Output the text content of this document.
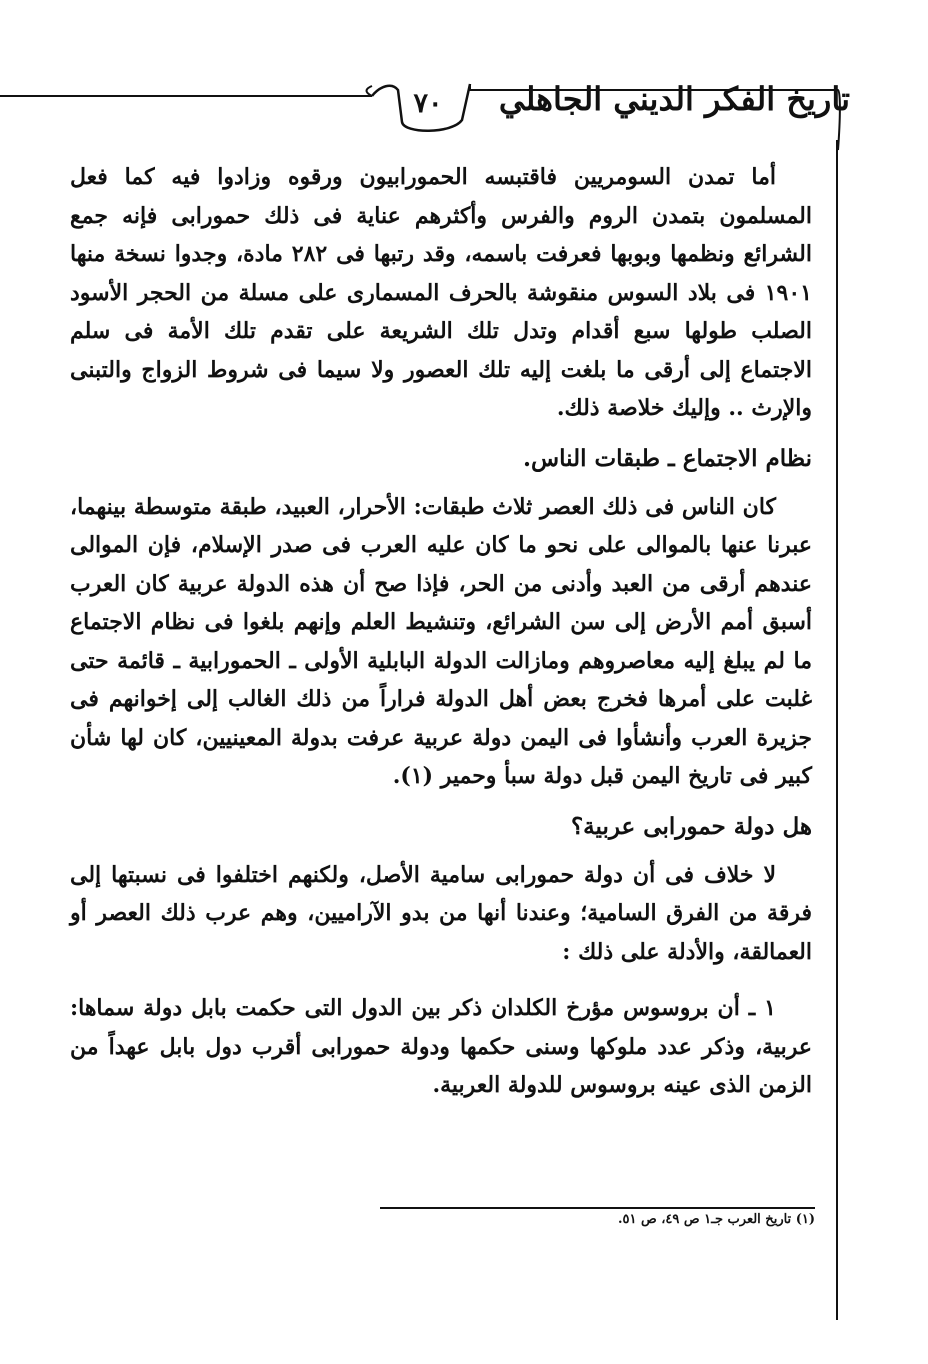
٧٠	تاريخ الفكر الديني الجاهلي

أما تمدن السومريين فاقتبسه الحمورابيون ورقوه وزادوا فيه كما فعل المسلمون بتمدن الروم والفرس وأكثرهم عناية فى ذلك حمورابى فإنه جمع الشرائع ونظمها وبوبها فعرفت باسمه، وقد رتبها فى ٢٨٢ مادة، وجدوا نسخة منها ١٩٠١ فى بلاد السوس منقوشة بالحرف المسمارى على مسلة من الحجر الأسود الصلب طولها سبع أقدام وتدل تلك الشريعة على تقدم تلك الأمة فى سلم الاجتماع إلى أرقى ما بلغت إليه تلك العصور ولا سيما فى شروط الزواج والتبنى والإرث .. وإليك خلاصة ذلك.

نظام الاجتماع ـ طبقات الناس.

كان الناس فى ذلك العصر ثلاث طبقات: الأحرار، العبيد، طبقة متوسطة بينهما، عبرنا عنها بالموالى على نحو ما كان عليه العرب فى صدر الإسلام، فإن الموالى عندهم أرقى من العبد وأدنى من الحر، فإذا صح أن هذه الدولة عربية كان العرب أسبق أمم الأرض إلى سن الشرائع، وتنشيط العلم وإنهم بلغوا فى نظام الاجتماع ما لم يبلغ إليه معاصروهم ومازالت الدولة البابلية الأولى ـ الحمورابية ـ قائمة حتى غلبت على أمرها فخرج بعض أهل الدولة فراراً من ذلك الغالب إلى إخوانهم فى جزيرة العرب وأنشأوا فى اليمن دولة عربية عرفت بدولة المعينيين، كان لها شأن كبير فى تاريخ اليمن قبل دولة سبأ وحمير (١).

هل دولة حمورابى عربية؟

لا خلاف فى أن دولة حمورابى سامية الأصل، ولكنهم اختلفوا فى نسبتها إلى فرقة من الفرق السامية؛ وعندنا أنها من بدو الآراميين، وهم عرب ذلك العصر أو العمالقة، والأدلة على ذلك :

١ ـ أن بروسوس مؤرخ الكلدان ذكر بين الدول التى حكمت بابل دولة سماها: عربية، وذكر عدد ملوكها وسنى حكمها ودولة حمورابى أقرب دول بابل عهداً من الزمن الذى عينه بروسوس للدولة العربية.

(١) تاريخ العرب جـ١ ص ٤٩، ص ٥١.
